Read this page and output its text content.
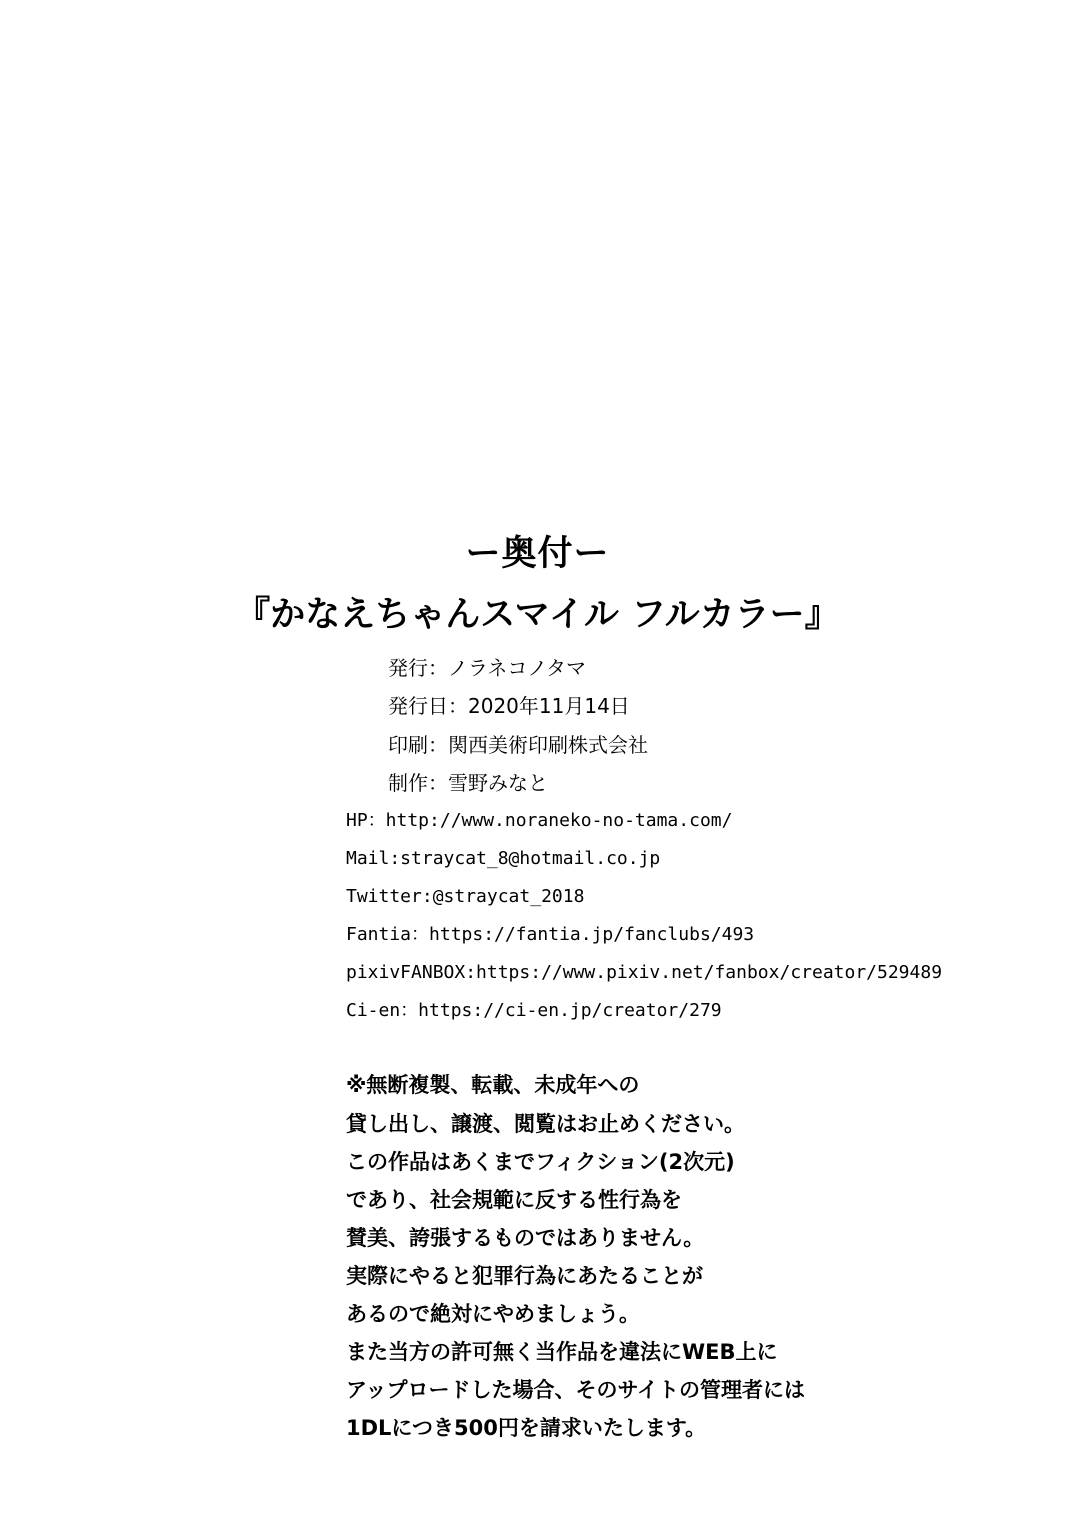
ー奥付ー
『かなえちゃんスマイル フルカラー』
発行：ノラネコノタマ
発行日：2020年11月14日
印刷：関西美術印刷株式会社
制作：雪野みなと
HP：http://www.noraneko-no-tama.com/
Mail:straycat_8@hotmail.co.jp
Twitter:@straycat_2018
Fantia：https://fantia.jp/fanclubs/493
pixivFANBOX:https://www.pixiv.net/fanbox/creator/529489
Ci-en：https://ci-en.jp/creator/279
※無断複製、転載、未成年への
貸し出し、譲渡、閲覧はお止めください。
この作品はあくまでフィクション(2次元)
であり、社会規範に反する性行為を
賛美、誇張するものではありません。
実際にやると犯罪行為にあたることが
あるので絶対にやめましょう。
また当方の許可無く当作品を違法にWEB上に
アップロードした場合、そのサイトの管理者には
1DLにつき500円を請求いたします。
